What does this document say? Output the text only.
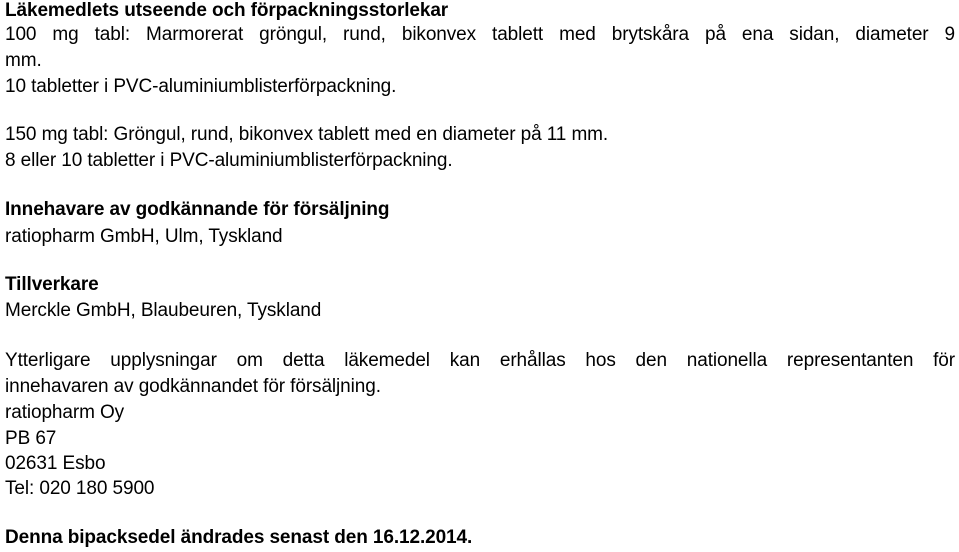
Läkemedlets utseende och förpackningsstorlekar
100 mg tabl: Marmorerat gröngul, rund, bikonvex tablett med brytskåra på ena sidan, diameter 9
mm.
10 tabletter i PVC-aluminiumblisterförpackning.
150 mg tabl: Gröngul, rund, bikonvex tablett med en diameter på 11 mm.
8 eller 10 tabletter i PVC-aluminiumblisterförpackning.
Innehavare av godkännande för försäljning
ratiopharm GmbH, Ulm, Tyskland
Tillverkare
Merckle GmbH, Blaubeuren, Tyskland
Ytterligare upplysningar om detta läkemedel kan erhållas hos den nationella representanten för
innehavaren av godkännandet för försäljning.
ratiopharm Oy
PB 67
02631 Esbo
Tel: 020 180 5900
Denna bipacksedel ändrades senast den 16.12.2014.
